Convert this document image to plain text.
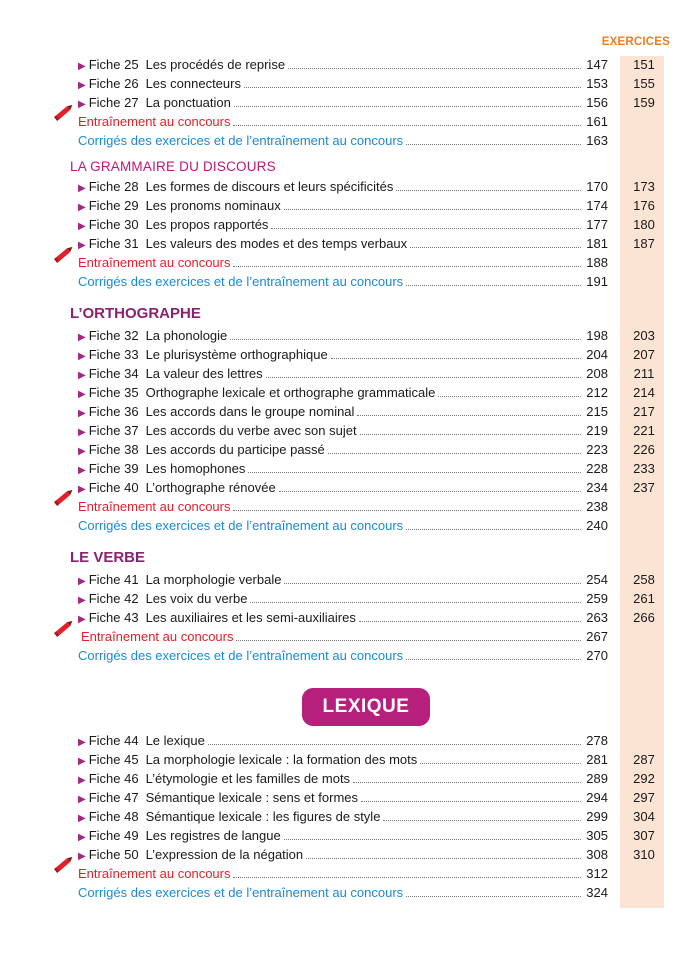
EXERCICES
▶ Fiche 25 Les procédés de reprise	147	151
▶ Fiche 26 Les connecteurs	153	155
▶ Fiche 27 La ponctuation	156	159
Entraînement au concours	161
Corrigés des exercices et de l’entraînement au concours	163
LA GRAMMAIRE DU DISCOURS
▶ Fiche 28 Les formes de discours et leurs spécificités	170	173
▶ Fiche 29 Les pronoms nominaux	174	176
▶ Fiche 30 Les propos rapportés	177	180
▶ Fiche 31 Les valeurs des modes et des temps verbaux	181	187
Entraînement au concours	188
Corrigés des exercices et de l’entraînement au concours	191
L’ORTHOGRAPHE
▶ Fiche 32 La phonologie	198	203
▶ Fiche 33 Le plurisystème orthographique	204	207
▶ Fiche 34 La valeur des lettres	208	211
▶ Fiche 35 Orthographe lexicale et orthographe grammaticale	212	214
▶ Fiche 36 Les accords dans le groupe nominal	215	217
▶ Fiche 37 Les accords du verbe avec son sujet	219	221
▶ Fiche 38 Les accords du participe passé	223	226
▶ Fiche 39 Les homophones	228	233
▶ Fiche 40 L’orthographe rénovée	234	237
Entraînement au concours	238
Corrigés des exercices et de l’entraînement au concours	240
LE VERBE
▶ Fiche 41 La morphologie verbale	254	258
▶ Fiche 42 Les voix du verbe	259	261
▶ Fiche 43 Les auxiliaires et les semi-auxiliaires	263	266
Entraînement au concours	267
Corrigés des exercices et de l’entraînement au concours	270
LEXIQUE
▶ Fiche 44 Le lexique	278
▶ Fiche 45 La morphologie lexicale : la formation des mots	281	287
▶ Fiche 46 L’étymologie et les familles de mots	289	292
▶ Fiche 47 Sémantique lexicale : sens et formes	294	297
▶ Fiche 48 Sémantique lexicale : les figures de style	299	304
▶ Fiche 49 Les registres de langue	305	307
▶ Fiche 50 L’expression de la négation	308	310
Entraînement au concours	312
Corrigés des exercices et de l’entraînement au concours	324
